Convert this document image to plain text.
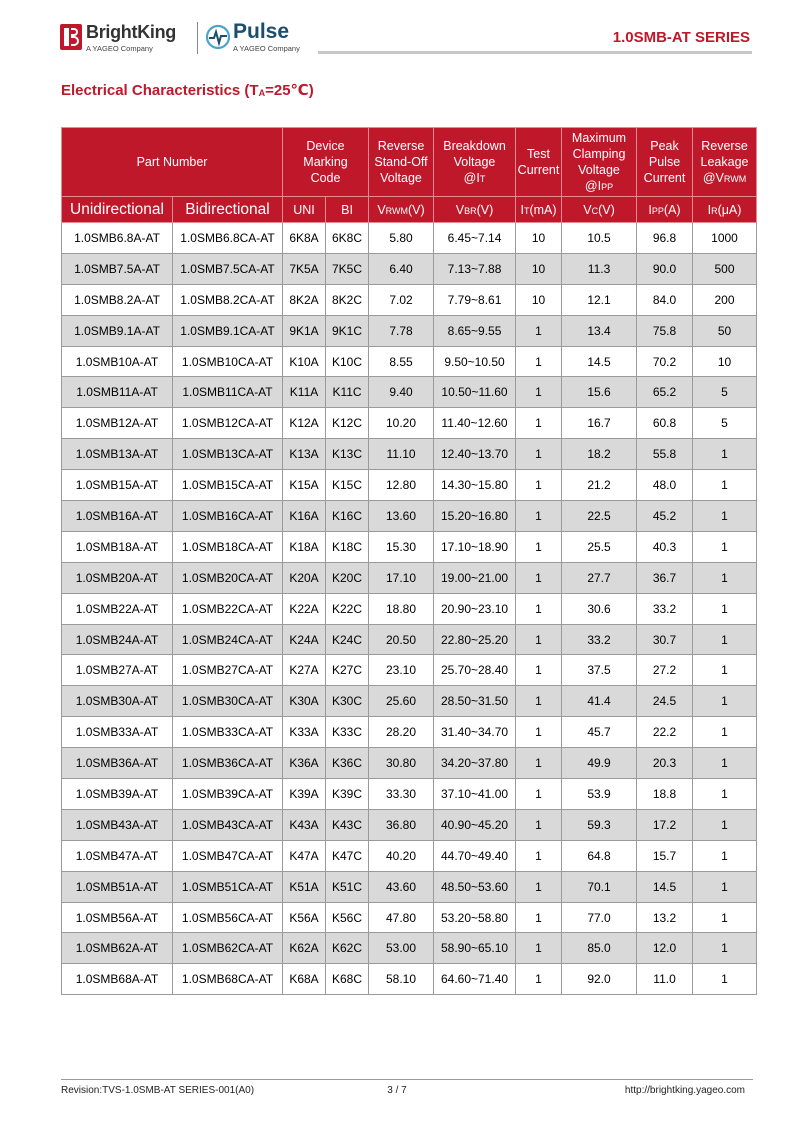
BrightKing
A YAGEO Company
Pulse
A YAGEO Company
1.0SMB-AT SERIES
Electrical Characteristics (TA=25℃)
Part Number		Device
Marking
Code		Reverse
Stand-Off
Voltage	Breakdown
Voltage
@IT	Test
Current	Maximum
Clamping
Voltage
@IPP	Peak
Pulse
Current	Reverse
Leakage
@VRWM

Unidirectional	Bidirectional	UNI	BI	VRWM(V)	VBR(V)	IT(mA)	VC(V)	IPP(A)	IR(μA)
1.0SMB6.8A-AT	1.0SMB6.8CA-AT	6K8A	6K8C	5.80	6.45~7.14	10	10.5	96.8	1000
1.0SMB7.5A-AT	1.0SMB7.5CA-AT	7K5A	7K5C	6.40	7.13~7.88	10	11.3	90.0	500
1.0SMB8.2A-AT	1.0SMB8.2CA-AT	8K2A	8K2C	7.02	7.79~8.61	10	12.1	84.0	200
1.0SMB9.1A-AT	1.0SMB9.1CA-AT	9K1A	9K1C	7.78	8.65~9.55	1	13.4	75.8	50
1.0SMB10A-AT	1.0SMB10CA-AT	K10A	K10C	8.55	9.50~10.50	1	14.5	70.2	10
1.0SMB11A-AT	1.0SMB11CA-AT	K11A	K11C	9.40	10.50~11.60	1	15.6	65.2	5
1.0SMB12A-AT	1.0SMB12CA-AT	K12A	K12C	10.20	11.40~12.60	1	16.7	60.8	5
1.0SMB13A-AT	1.0SMB13CA-AT	K13A	K13C	11.10	12.40~13.70	1	18.2	55.8	1
1.0SMB15A-AT	1.0SMB15CA-AT	K15A	K15C	12.80	14.30~15.80	1	21.2	48.0	1
1.0SMB16A-AT	1.0SMB16CA-AT	K16A	K16C	13.60	15.20~16.80	1	22.5	45.2	1
1.0SMB18A-AT	1.0SMB18CA-AT	K18A	K18C	15.30	17.10~18.90	1	25.5	40.3	1
1.0SMB20A-AT	1.0SMB20CA-AT	K20A	K20C	17.10	19.00~21.00	1	27.7	36.7	1
1.0SMB22A-AT	1.0SMB22CA-AT	K22A	K22C	18.80	20.90~23.10	1	30.6	33.2	1
1.0SMB24A-AT	1.0SMB24CA-AT	K24A	K24C	20.50	22.80~25.20	1	33.2	30.7	1
1.0SMB27A-AT	1.0SMB27CA-AT	K27A	K27C	23.10	25.70~28.40	1	37.5	27.2	1
1.0SMB30A-AT	1.0SMB30CA-AT	K30A	K30C	25.60	28.50~31.50	1	41.4	24.5	1
1.0SMB33A-AT	1.0SMB33CA-AT	K33A	K33C	28.20	31.40~34.70	1	45.7	22.2	1
1.0SMB36A-AT	1.0SMB36CA-AT	K36A	K36C	30.80	34.20~37.80	1	49.9	20.3	1
1.0SMB39A-AT	1.0SMB39CA-AT	K39A	K39C	33.30	37.10~41.00	1	53.9	18.8	1
1.0SMB43A-AT	1.0SMB43CA-AT	K43A	K43C	36.80	40.90~45.20	1	59.3	17.2	1
1.0SMB47A-AT	1.0SMB47CA-AT	K47A	K47C	40.20	44.70~49.40	1	64.8	15.7	1
1.0SMB51A-AT	1.0SMB51CA-AT	K51A	K51C	43.60	48.50~53.60	1	70.1	14.5	1
1.0SMB56A-AT	1.0SMB56CA-AT	K56A	K56C	47.80	53.20~58.80	1	77.0	13.2	1
1.0SMB62A-AT	1.0SMB62CA-AT	K62A	K62C	53.00	58.90~65.10	1	85.0	12.0	1
1.0SMB68A-AT	1.0SMB68CA-AT	K68A	K68C	58.10	64.60~71.40	1	92.0	11.0	1
Revision:TVS-1.0SMB-AT SERIES-001(A0)	3 / 7	http://brightking.yageo.com
